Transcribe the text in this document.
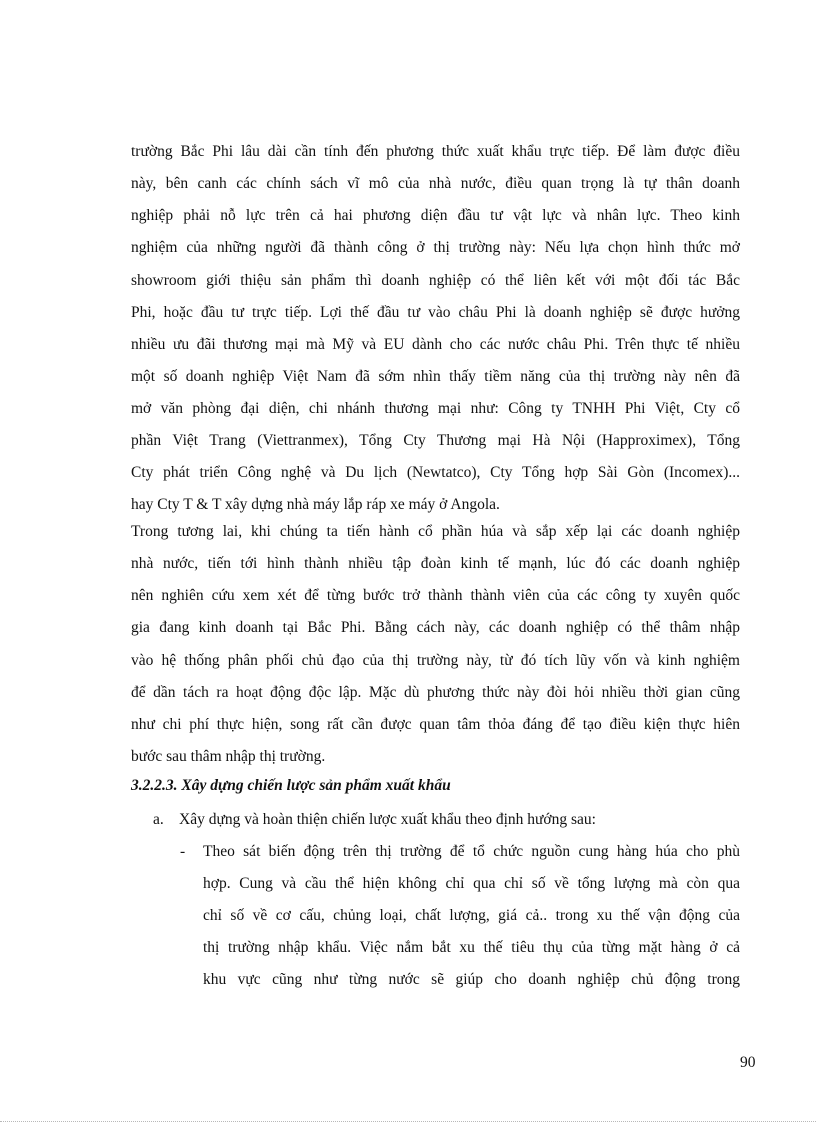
trường Bắc Phi lâu dài cần tính đến phương thức xuất khẩu trực tiếp. Để làm được điều
này, bên canh các chính sách vĩ mô của nhà nước, điều quan trọng là tự thân doanh
nghiệp phải nỗ lực trên cả hai phương diện đầu tư vật lực và nhân lực. Theo kinh
nghiệm của những người đã thành công ở thị trường này: Nếu lựa chọn hình thức mở
showroom giới thiệu sản phẩm thì doanh nghiệp có thể liên kết với một đối tác Bắc
Phi, hoặc đầu tư trực tiếp. Lợi thế đầu tư vào châu Phi là doanh nghiệp sẽ được hưởng
nhiều ưu đãi thương mại mà Mỹ và EU dành cho các nước châu Phi. Trên thực tế nhiều
một số doanh nghiệp Việt Nam đã sớm nhìn thấy tiềm năng của thị trường này nên đã
mở văn phòng đại diện, chi nhánh thương mại như: Công ty TNHH Phi Việt, Cty cổ
phần Việt Trang (Viettranmex), Tổng Cty Thương mại Hà Nội (Happroximex), Tổng
Cty phát triển Công nghệ và Du lịch (Newtatco), Cty Tổng hợp Sài Gòn (Incomex)...
hay Cty T & T xây dựng nhà máy lắp ráp xe máy ở Angola.
Trong tương lai, khi chúng ta tiến hành cổ phần húa và sắp xếp lại các doanh nghiệp
nhà nước, tiến tới hình thành nhiều tập đoàn kinh tế mạnh, lúc đó các doanh nghiệp
nên nghiên cứu xem xét để từng bước trở thành thành viên của các công ty xuyên quốc
gia đang kinh doanh tại Bắc Phi. Bằng cách này, các doanh nghiệp có thể thâm nhập
vào hệ thống phân phối chủ đạo của thị trường này, từ đó tích lũy vốn và kinh nghiệm
để dần tách ra hoạt động độc lập. Mặc dù phương thức này đòi hỏi nhiều thời gian cũng
như chi phí thực hiện, song rất cần được quan tâm thỏa đáng để tạo điều kiện thực hiên
bước sau thâm nhập thị trường.
3.2.2.3. Xây dựng chiến lược sản phẩm xuất khẩu
a. Xây dựng và hoàn thiện chiến lược xuất khẩu theo định hướng sau:
- Theo sát biến động trên thị trường để tổ chức nguồn cung hàng húa cho phù
hợp. Cung và cầu thể hiện không chỉ qua chỉ số về tổng lượng mà còn qua
chỉ số về cơ cấu, chủng loại, chất lượng, giá cả.. trong xu thế vận động của
thị trường nhập khẩu. Việc nắm bắt xu thế tiêu thụ của từng mặt hàng ở cả
khu vực cũng như từng nước sẽ giúp cho doanh nghiệp chủ động trong
90
